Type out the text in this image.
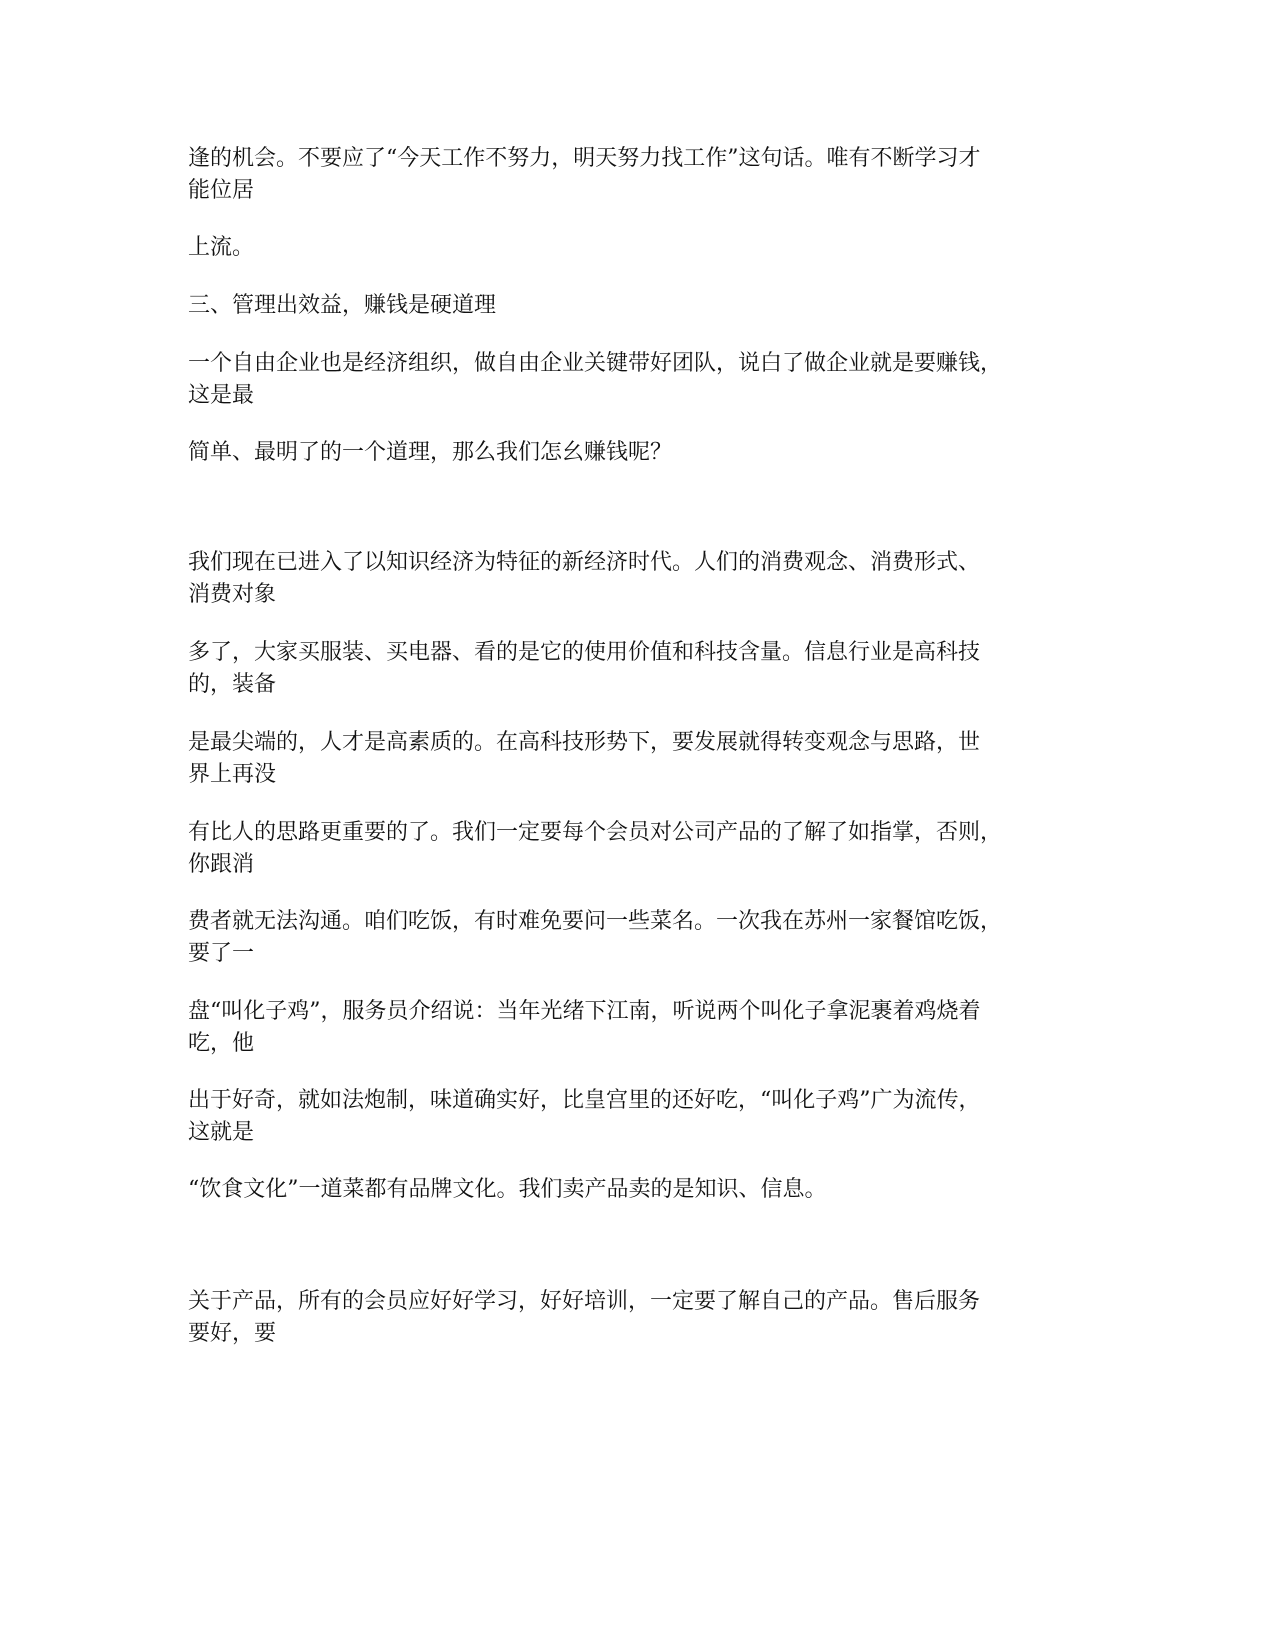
逢的机会。不要应了“今天工作不努力，明天努力找工作”这句话。唯有不断学习才
能位居

上流。

三、管理出效益，赚钱是硬道理

一个自由企业也是经济组织，做自由企业关键带好团队，说白了做企业就是要赚钱，
这是最

简单、最明了的一个道理，那么我们怎幺赚钱呢？

我们现在已进入了以知识经济为特征的新经济时代。人们的消费观念、消费形式、
消费对象

多了，大家买服装、买电器、看的是它的使用价值和科技含量。信息行业是高科技
的，装备

是最尖端的，人才是高素质的。在高科技形势下，要发展就得转变观念与思路，世
界上再没

有比人的思路更重要的了。我们一定要每个会员对公司产品的了解了如指掌，否则，
你跟消

费者就无法沟通。咱们吃饭，有时难免要问一些菜名。一次我在苏州一家餐馆吃饭，
要了一

盘“叫化子鸡”，服务员介绍说：当年光绪下江南，听说两个叫化子拿泥裹着鸡烧着
吃，他

出于好奇，就如法炮制，味道确实好，比皇宫里的还好吃，“叫化子鸡”广为流传，
这就是

“饮食文化”一道菜都有品牌文化。我们卖产品卖的是知识、信息。

关于产品，所有的会员应好好学习，好好培训，一定要了解自己的产品。售后服务
要好，要
